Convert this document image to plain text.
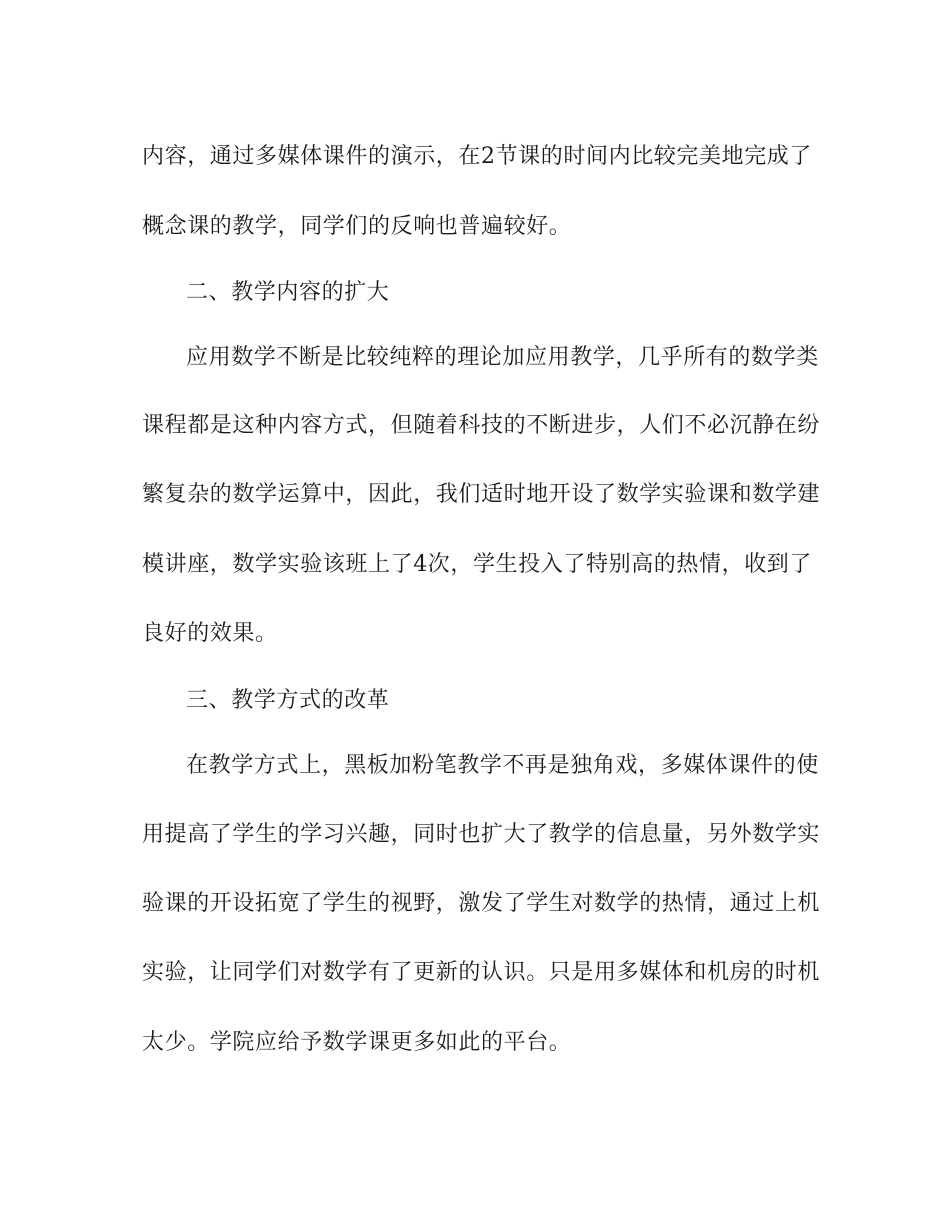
内容，通过多媒体课件的演示，在2节课的时间内比较完美地完成了
概念课的教学，同学们的反响也普遍较好。
二、教学内容的扩大
应用数学不断是比较纯粹的理论加应用教学，几乎所有的数学类
课程都是这种内容方式，但随着科技的不断进步，人们不必沉静在纷
繁复杂的数学运算中，因此，我们适时地开设了数学实验课和数学建
模讲座，数学实验该班上了4次，学生投入了特别高的热情，收到了
良好的效果。
三、教学方式的改革
在教学方式上，黑板加粉笔教学不再是独角戏，多媒体课件的使
用提高了学生的学习兴趣，同时也扩大了教学的信息量，另外数学实
验课的开设拓宽了学生的视野，激发了学生对数学的热情，通过上机
实验，让同学们对数学有了更新的认识。只是用多媒体和机房的时机
太少。学院应给予数学课更多如此的平台。
